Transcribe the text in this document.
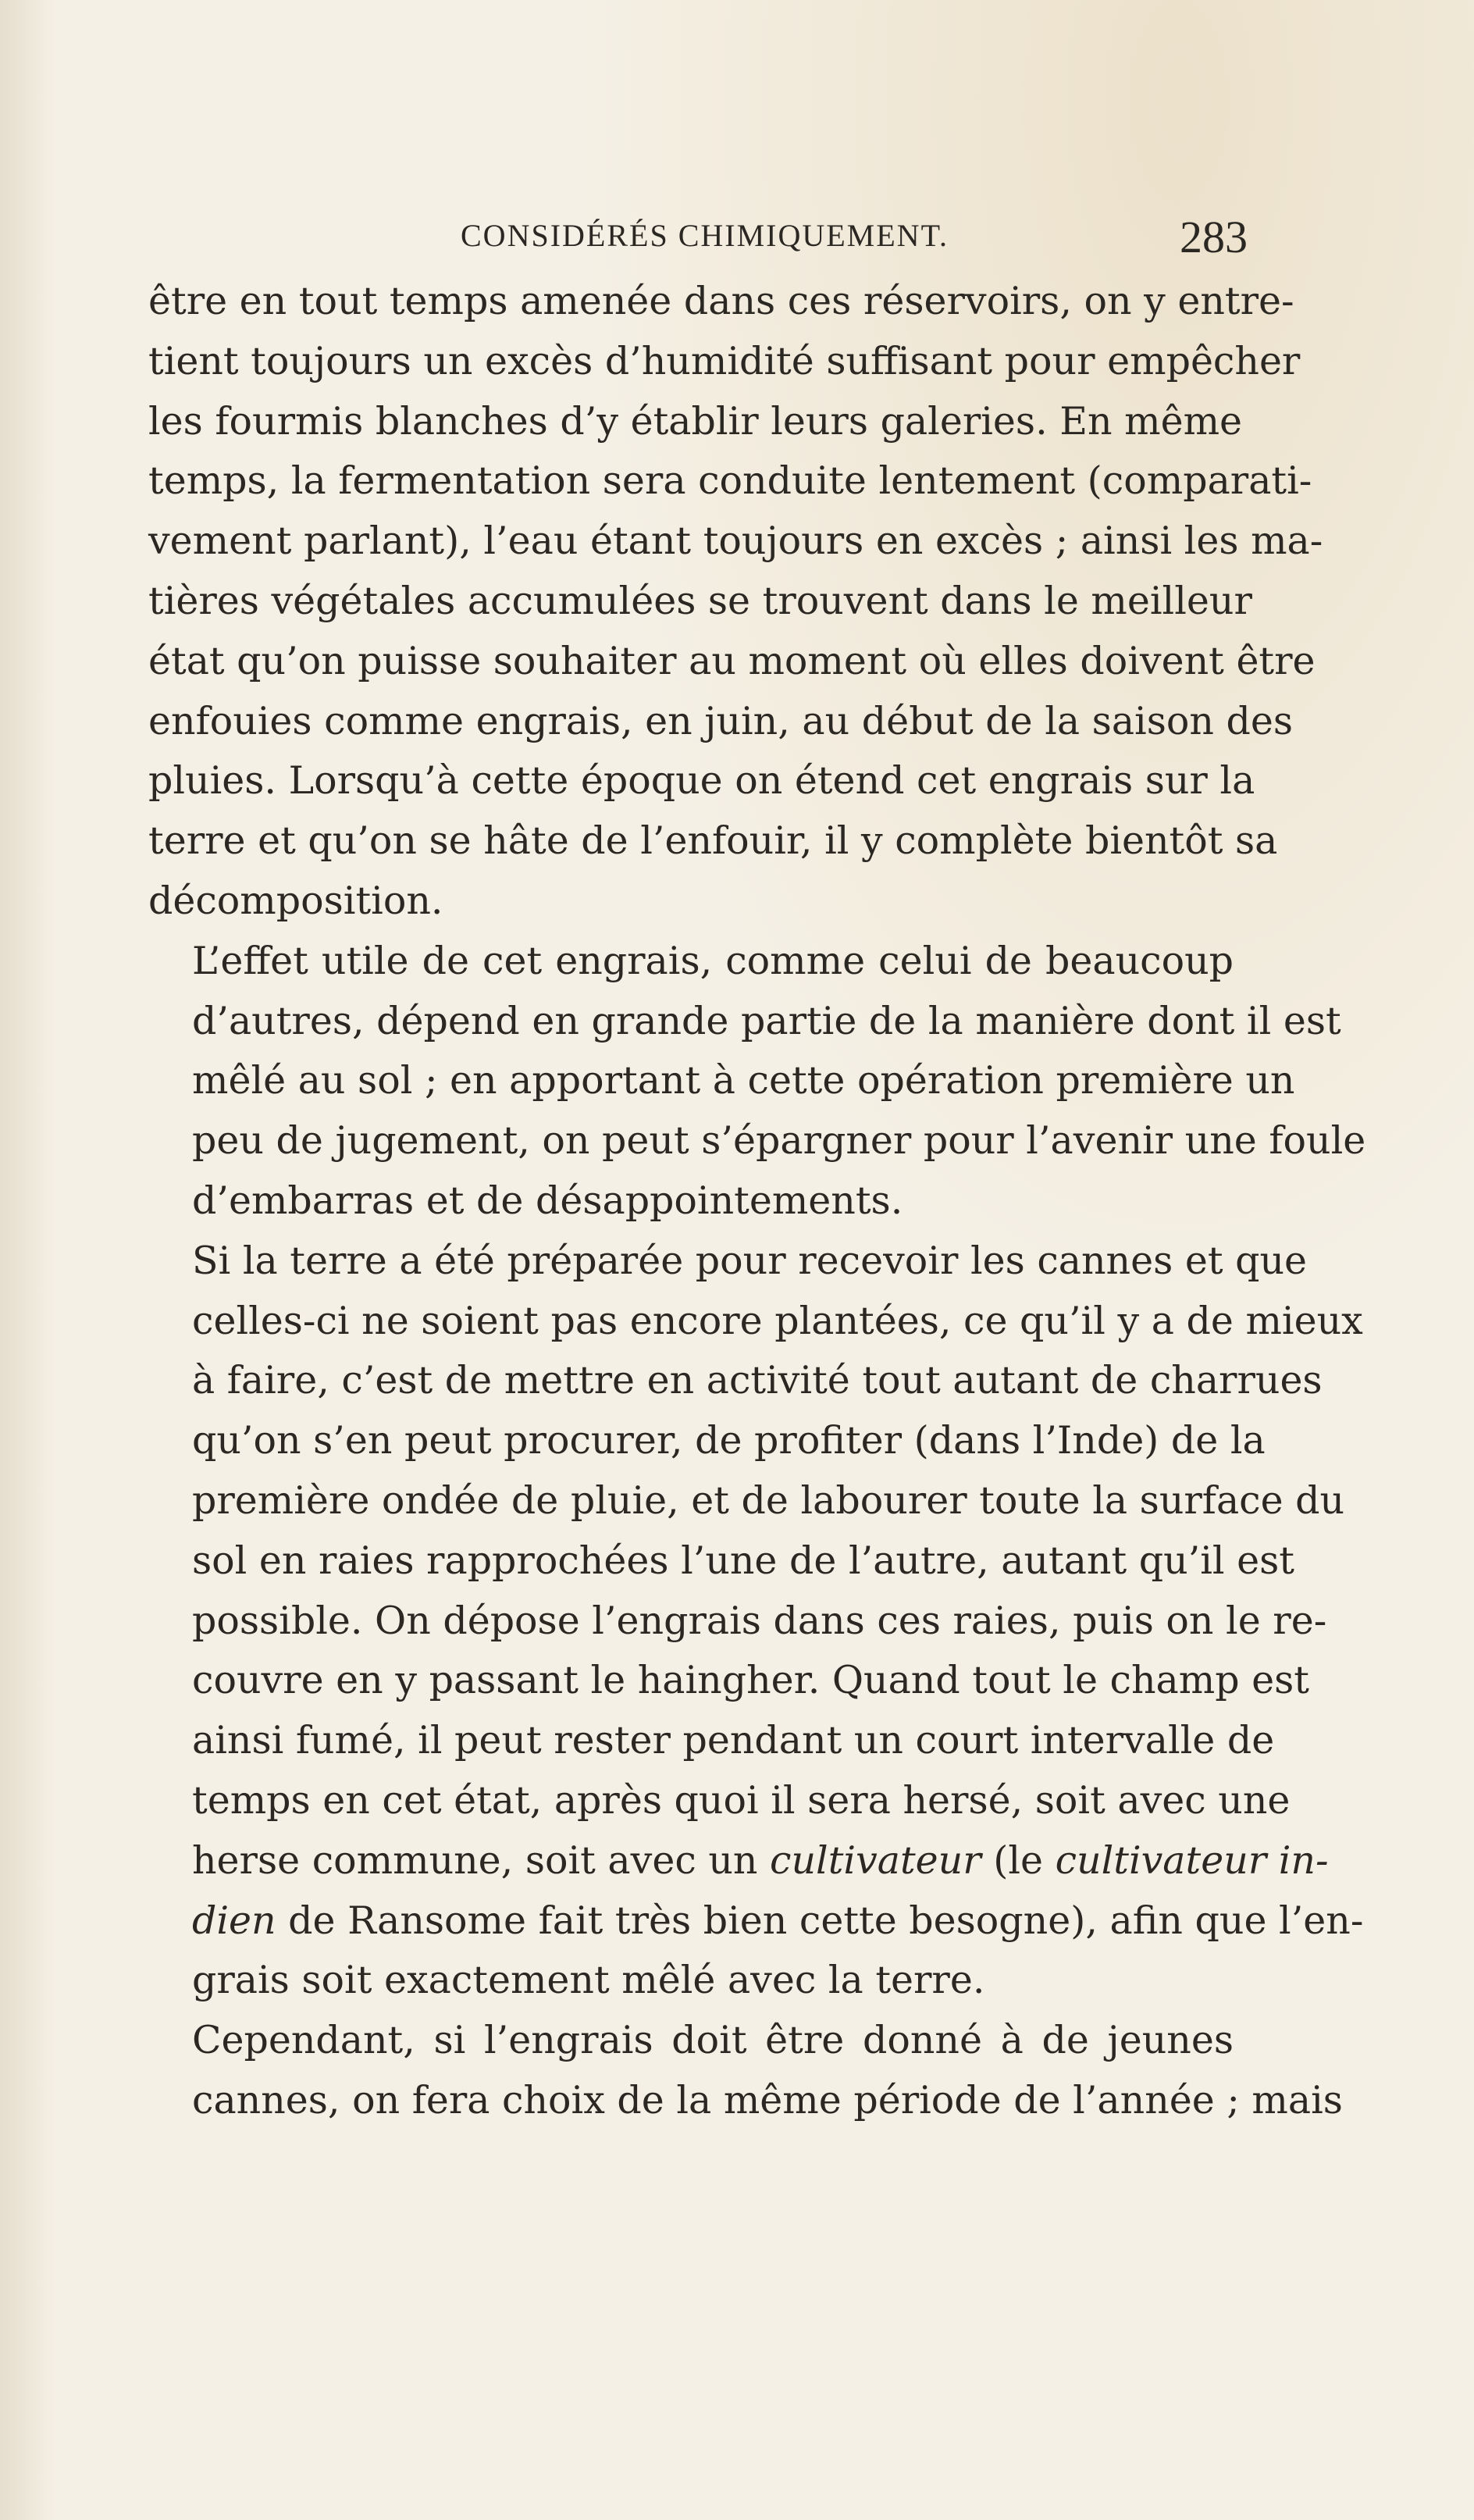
CONSIDÉRÉS CHIMIQUEMENT.	283

être en tout temps amenée dans ces réservoirs, on y entre-
tient toujours un excès d’humidité suffisant pour empêcher
les fourmis blanches d’y établir leurs galeries. En même
temps, la fermentation sera conduite lentement (comparati-
vement parlant), l’eau étant toujours en excès ; ainsi les ma-
tières végétales accumulées se trouvent dans le meilleur
état qu’on puisse souhaiter au moment où elles doivent être
enfouies comme engrais, en juin, au début de la saison des
pluies. Lorsqu’à cette époque on étend cet engrais sur la
terre et qu’on se hâte de l’enfouir, il y complète bientôt sa
décomposition.

L’effet utile de cet engrais, comme celui de beaucoup
d’autres, dépend en grande partie de la manière dont il est
mêlé au sol ; en apportant à cette opération première un
peu de jugement, on peut s’épargner pour l’avenir une foule
d’embarras et de désappointements.

Si la terre a été préparée pour recevoir les cannes et que
celles-ci ne soient pas encore plantées, ce qu’il y a de mieux
à faire, c’est de mettre en activité tout autant de charrues
qu’on s’en peut procurer, de profiter (dans l’Inde) de la
première ondée de pluie, et de labourer toute la surface du
sol en raies rapprochées l’une de l’autre, autant qu’il est
possible. On dépose l’engrais dans ces raies, puis on le re-
couvre en y passant le haingher. Quand tout le champ est
ainsi fumé, il peut rester pendant un court intervalle de
temps en cet état, après quoi il sera hersé, soit avec une
herse commune, soit avec un cultivateur (le cultivateur in-
dien de Ransome fait très bien cette besogne), afin que l’en-
grais soit exactement mêlé avec la terre.

Cependant, si l’engrais doit être donné à de jeunes
cannes, on fera choix de la même période de l’année ; mais
